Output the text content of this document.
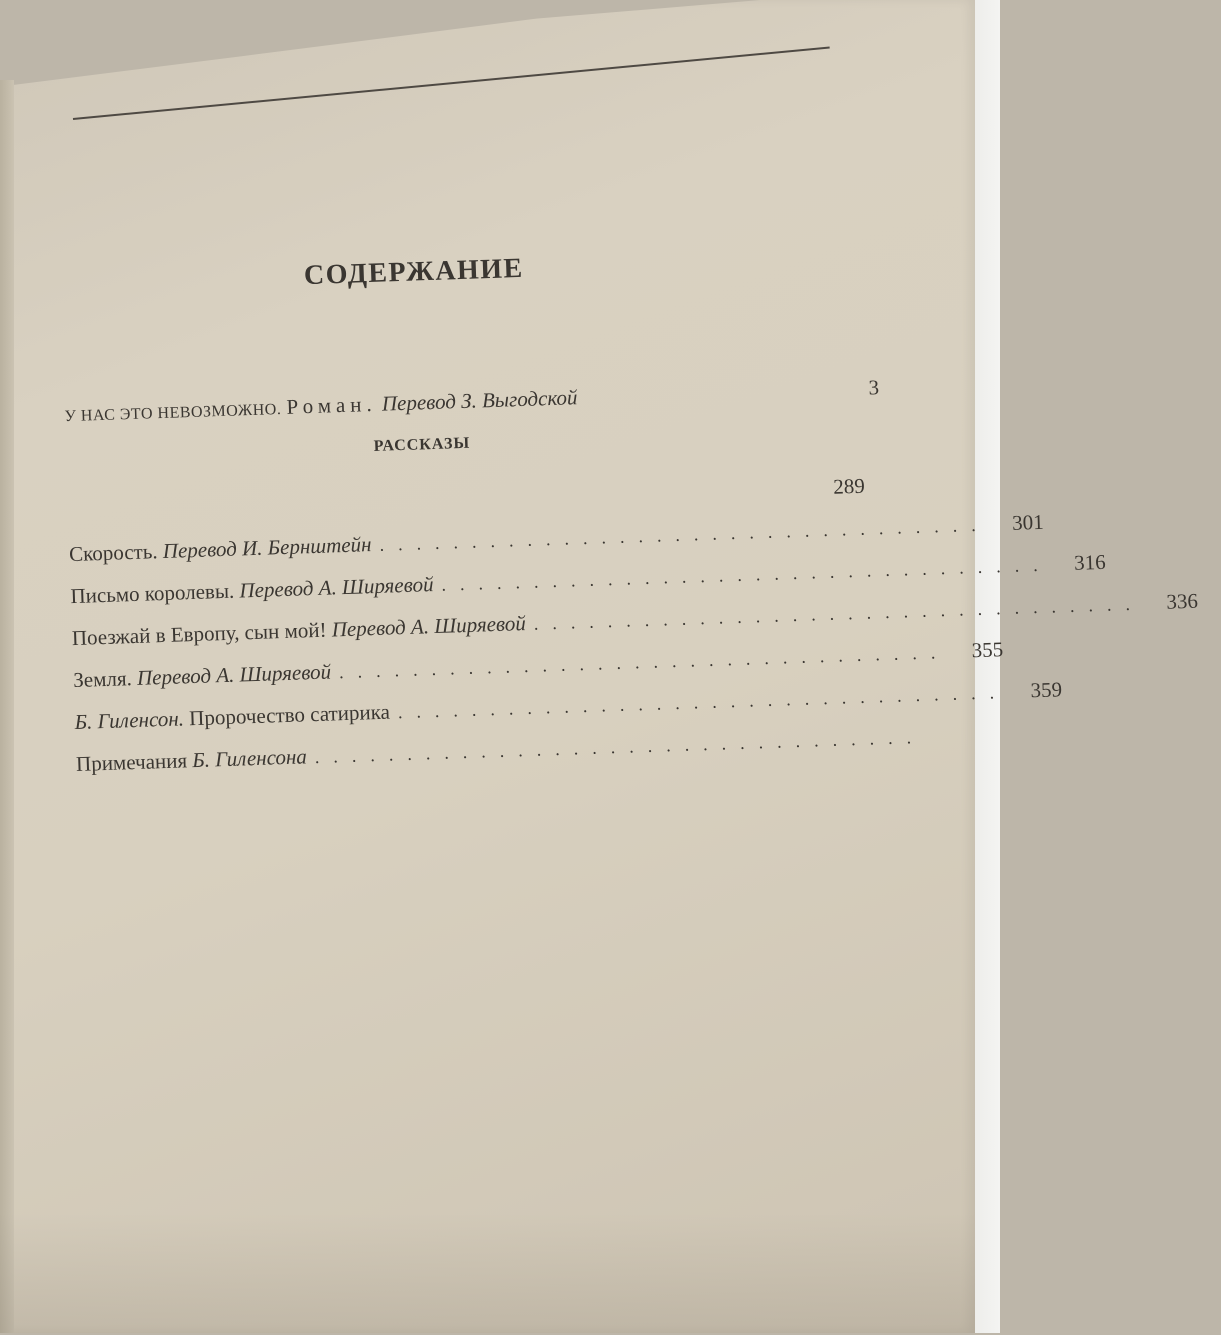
СОДЕРЖАНИЕ
У НАС ЭТО НЕВОЗМОЖНО. Роман. Перевод З. Выгодской	3
РАССКАЗЫ
289
Скорость. Перевод И. Бернштейн .................................	301
Письмо королевы. Перевод А. Ширяевой .................................	316
Поезжай в Европу, сын мой! Перевод А. Ширяевой .................................	336
Земля. Перевод А. Ширяевой .................................	355
Б. Гиленсон. Пророчество сатирика .................................	359
Примечания Б. Гиленсона .................................
